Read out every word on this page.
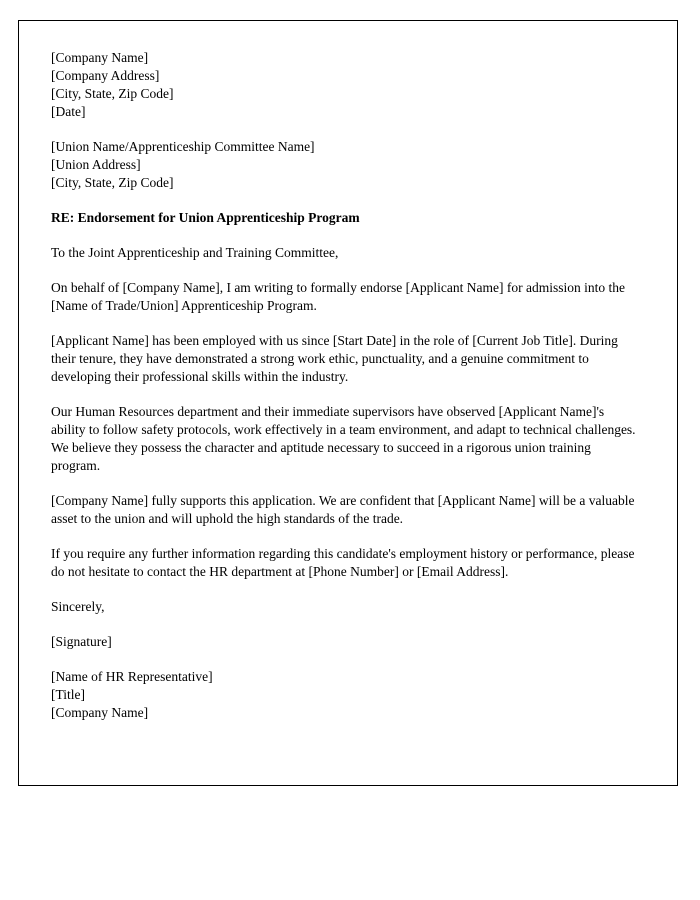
[Company Name]
[Company Address]
[City, State, Zip Code]
[Date]
[Union Name/Apprenticeship Committee Name]
[Union Address]
[City, State, Zip Code]
RE: Endorsement for Union Apprenticeship Program
To the Joint Apprenticeship and Training Committee,
On behalf of [Company Name], I am writing to formally endorse [Applicant Name] for admission into the [Name of Trade/Union] Apprenticeship Program.
[Applicant Name] has been employed with us since [Start Date] in the role of [Current Job Title]. During their tenure, they have demonstrated a strong work ethic, punctuality, and a genuine commitment to developing their professional skills within the industry.
Our Human Resources department and their immediate supervisors have observed [Applicant Name]'s ability to follow safety protocols, work effectively in a team environment, and adapt to technical challenges. We believe they possess the character and aptitude necessary to succeed in a rigorous union training program.
[Company Name] fully supports this application. We are confident that [Applicant Name] will be a valuable asset to the union and will uphold the high standards of the trade.
If you require any further information regarding this candidate's employment history or performance, please do not hesitate to contact the HR department at [Phone Number] or [Email Address].
Sincerely,
[Signature]
[Name of HR Representative]
[Title]
[Company Name]
